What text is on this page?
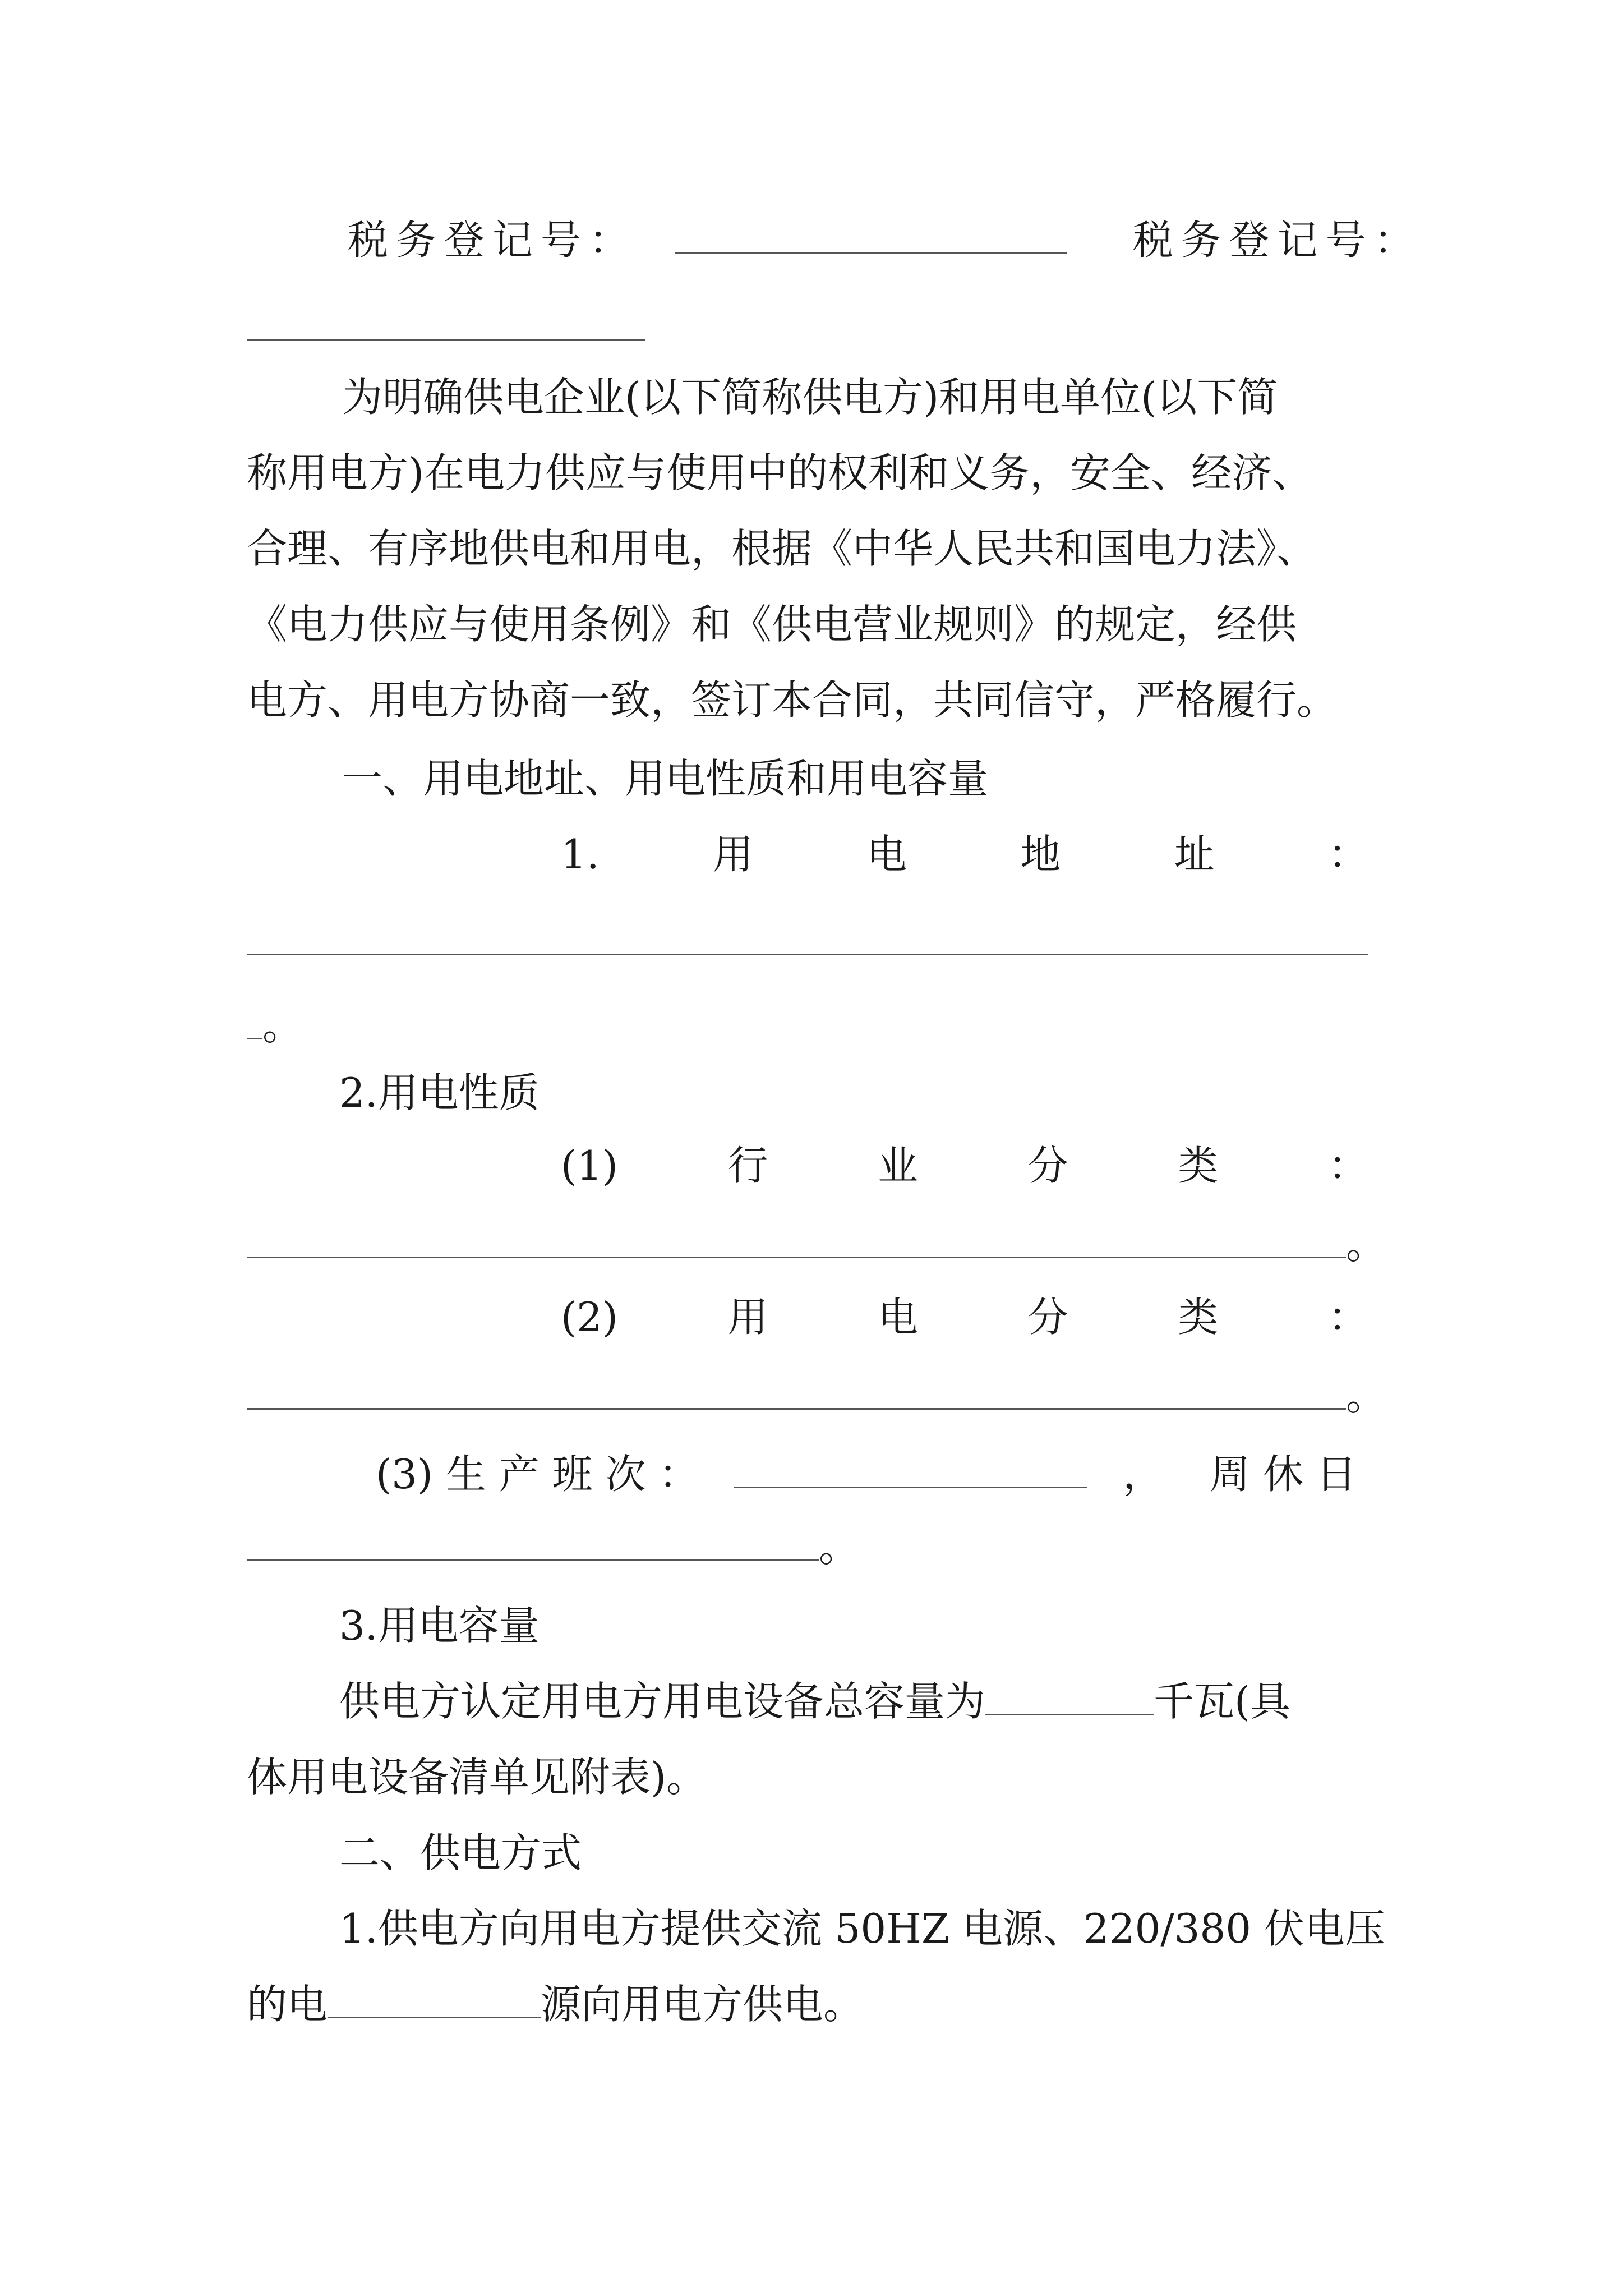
税务登记号：	税务登记号：
为明确供电企业(以下简称供电方)和用电单位(以下简
称用电方)在电力供应与使用中的权利和义务，安全、经济、
合理、有序地供电和用电，根据《中华人民共和国电力法》、
《电力供应与使用条例》和《供电营业规则》的规定，经供
电方、用电方协商一致，签订本合同，共同信守，严格履行。
一、用电地址、用电性质和用电容量
1.	用	电	地	址	：
。
2.用电性质
(1)	行	业	分	类	：
。
(2)	用	电	分	类	：
。
(3) 生 产 班 次 ：	， 周 休 日
。
3.用电容量
供电方认定用电方用电设备总容量为	千瓦(具
体用电设备清单见附表)。
二、供电方式
1.供电方向用电方提供交流 50HZ 电源、220/380 伏电压
的电	源向用电方供电。
